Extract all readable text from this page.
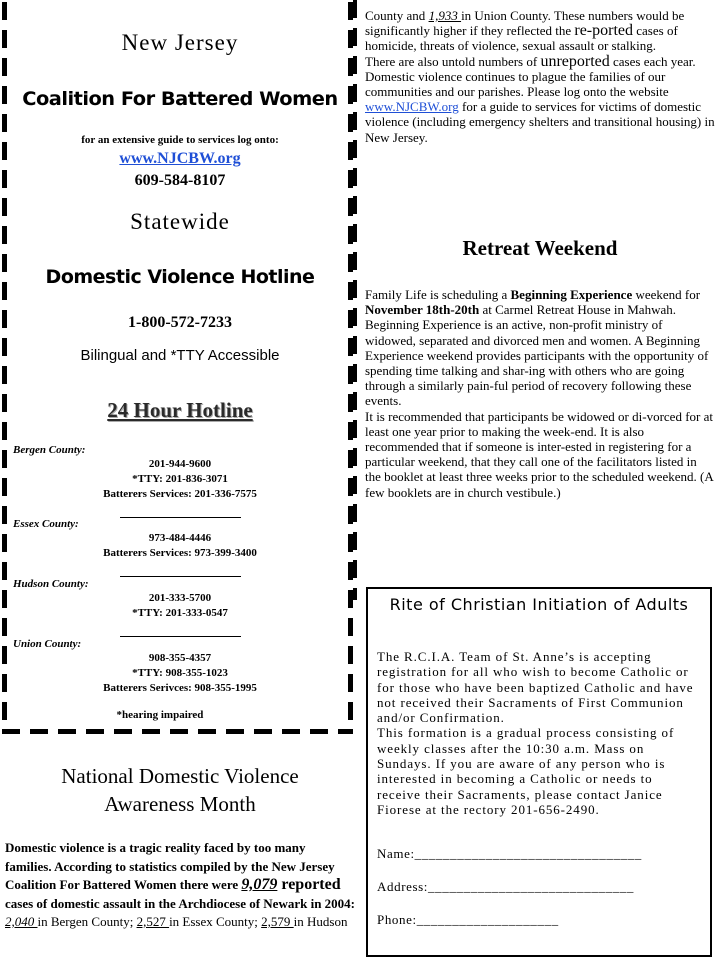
New Jersey
Coalition For Battered Women
for an extensive guide to services log onto:
www.NJCBW.org
609-584-8107
Statewide
Domestic Violence Hotline
1-800-572-7233
Bilingual and *TTY Accessible
24 Hour Hotline
Bergen County:
201-944-9600
*TTY: 201-836-3071
Batterers Services: 201-336-7575
Essex County:
973-484-4446
Batterers Services: 973-399-3400
Hudson County:
201-333-5700
*TTY: 201-333-0547
Union County:
908-355-4357
*TTY: 908-355-1023
Batterers Serivces: 908-355-1995
*hearing impaired
County and 1,933 in Union County. These numbers would be significantly higher if they reflected the re-ported cases of homicide, threats of violence, sexual assault or stalking.
There are also untold numbers of unreported cases each year. Domestic violence continues to plague the families of our communities and our parishes. Please log onto the website www.NJCBW.org for a guide to services for victims of domestic violence (including emergency shelters and transitional housing) in New Jersey.
Retreat Weekend
Family Life is scheduling a Beginning Experience weekend for November 18th-20th at Carmel Retreat House in Mahwah.
Beginning Experience is an active, non-profit ministry of widowed, separated and divorced men and women. A Beginning Experience weekend provides participants with the opportunity of spending time talking and shar-ing with others who are going through a similarly pain-ful period of recovery following these events.
It is recommended that participants be widowed or di-vorced for at least one year prior to making the week-end. It is also recommended that if someone is inter-ested in registering for a particular weekend, that they call one of the facilitators listed in the booklet at least three weeks prior to the scheduled weekend. (A few booklets are in church vestibule.)
Rite of Christian Initiation of Adults
The R.C.I.A. Team of St. Anne’s is accepting registration for all who wish to become Catholic or for those who have been baptized Catholic and have not received their Sacraments of First Communion and/or Confirmation.
This formation is a gradual process consisting of weekly classes after the 10:30 a.m. Mass on Sundays. If you are aware of any person who is interested in becoming a Catholic or needs to receive their Sacraments, please contact Janice Fiorese at the rectory 201-656-2490.
Name:________________________________
Address:_____________________________
Phone:____________________
National Domestic Violence
Awareness Month
Domestic violence is a tragic reality faced by too many families. According to statistics compiled by the New Jersey Coalition For Battered Women there were 9,079 reported cases of domestic assault in the Archdiocese of Newark in 2004: 2,040 in Bergen County; 2,527 in Essex County; 2,579 in Hudson
